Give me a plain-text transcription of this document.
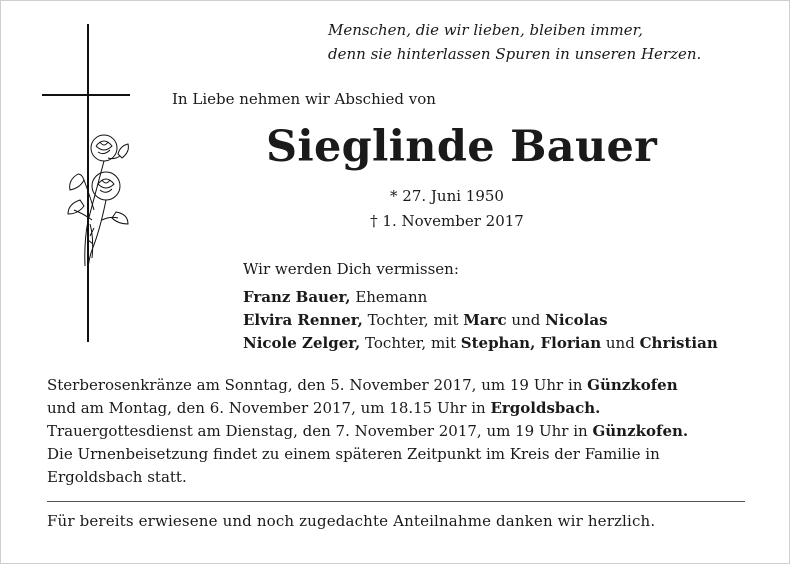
Menschen, die wir lieben, bleiben immer,
denn sie hinterlassen Spuren in unseren Herzen.
In Liebe nehmen wir Abschied von
Sieglinde Bauer
* 27. Juni 1950
† 1. November 2017
Wir werden Dich vermissen:
Franz Bauer, Ehemann
Elvira Renner, Tochter, mit Marc und Nicolas
Nicole Zelger, Tochter, mit Stephan, Florian und Christian
Sterberosenkränze am Sonntag, den 5. November 2017, um 19 Uhr in Günzkofen
und am Montag, den 6. November 2017, um 18.15 Uhr in Ergoldsbach.
Trauergottesdienst am Dienstag, den 7. November 2017, um 19 Uhr in Günzkofen.
Die Urnenbeisetzung findet zu einem späteren Zeitpunkt im Kreis der Familie in
Ergoldsbach statt.
Für bereits erwiesene und noch zugedachte Anteilnahme danken wir herzlich.
